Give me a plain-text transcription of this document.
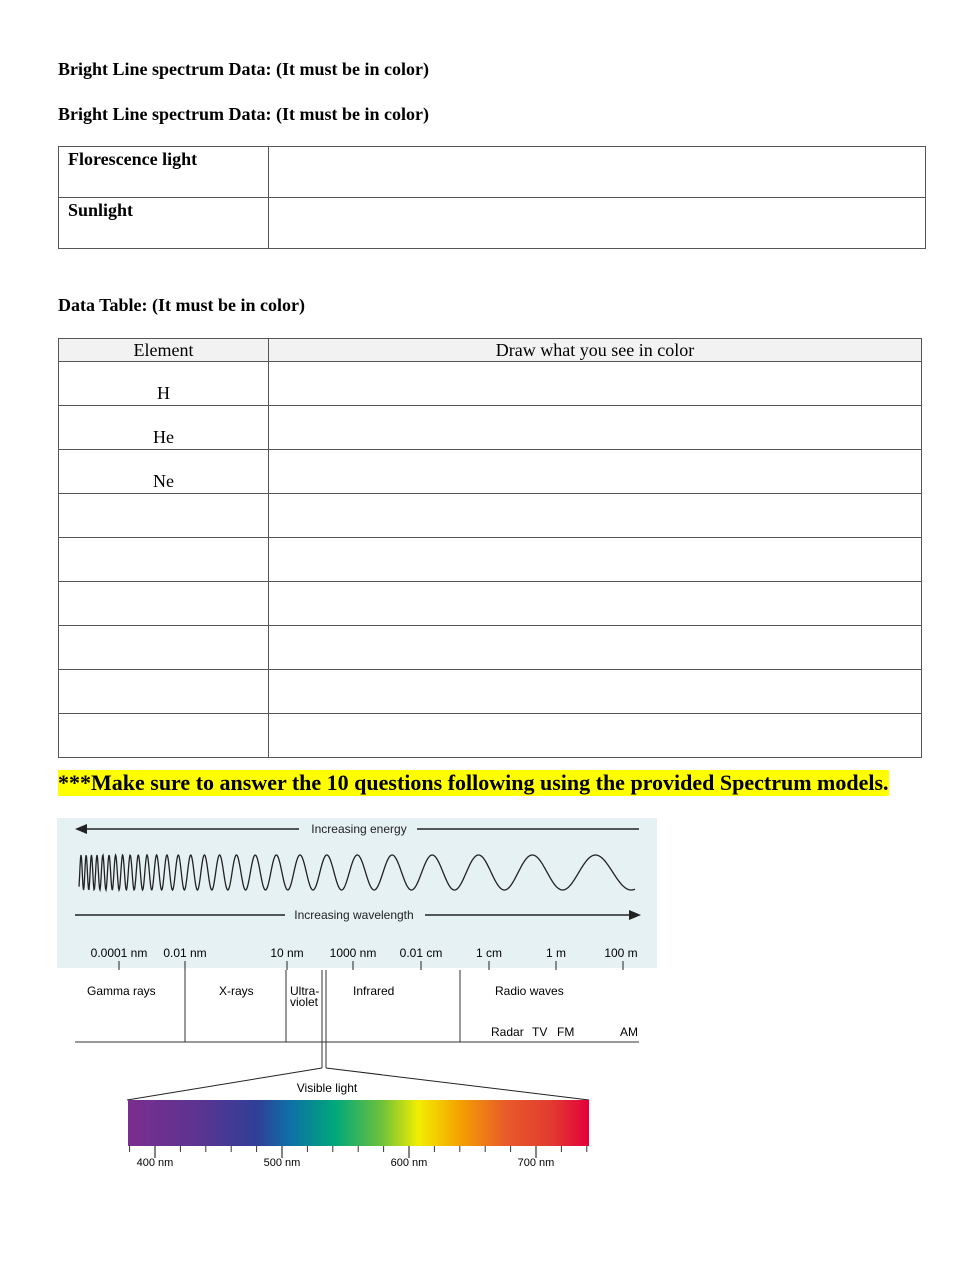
Bright Line spectrum Data: (It must be in color)
Bright Line spectrum Data: (It must be in color)
Florescence light	
Sunlight	
Data Table: (It must be in color)
Element	Draw what you see in color
H	
He	
Ne	

***Make sure to answer the 10 questions following using the provided Spectrum models.
Increasing energy
Increasing wavelength
0.0001 nm 0.01 nm	10 nm 1000 nm 0.01 cm	1 cm	1 m	100 m
Gamma rays	X-rays	Ultra-
violet
Infrared	Radio waves
Radar TV FM	AM
Visible light
400 nm	500 nm	600 nm	700 nm
